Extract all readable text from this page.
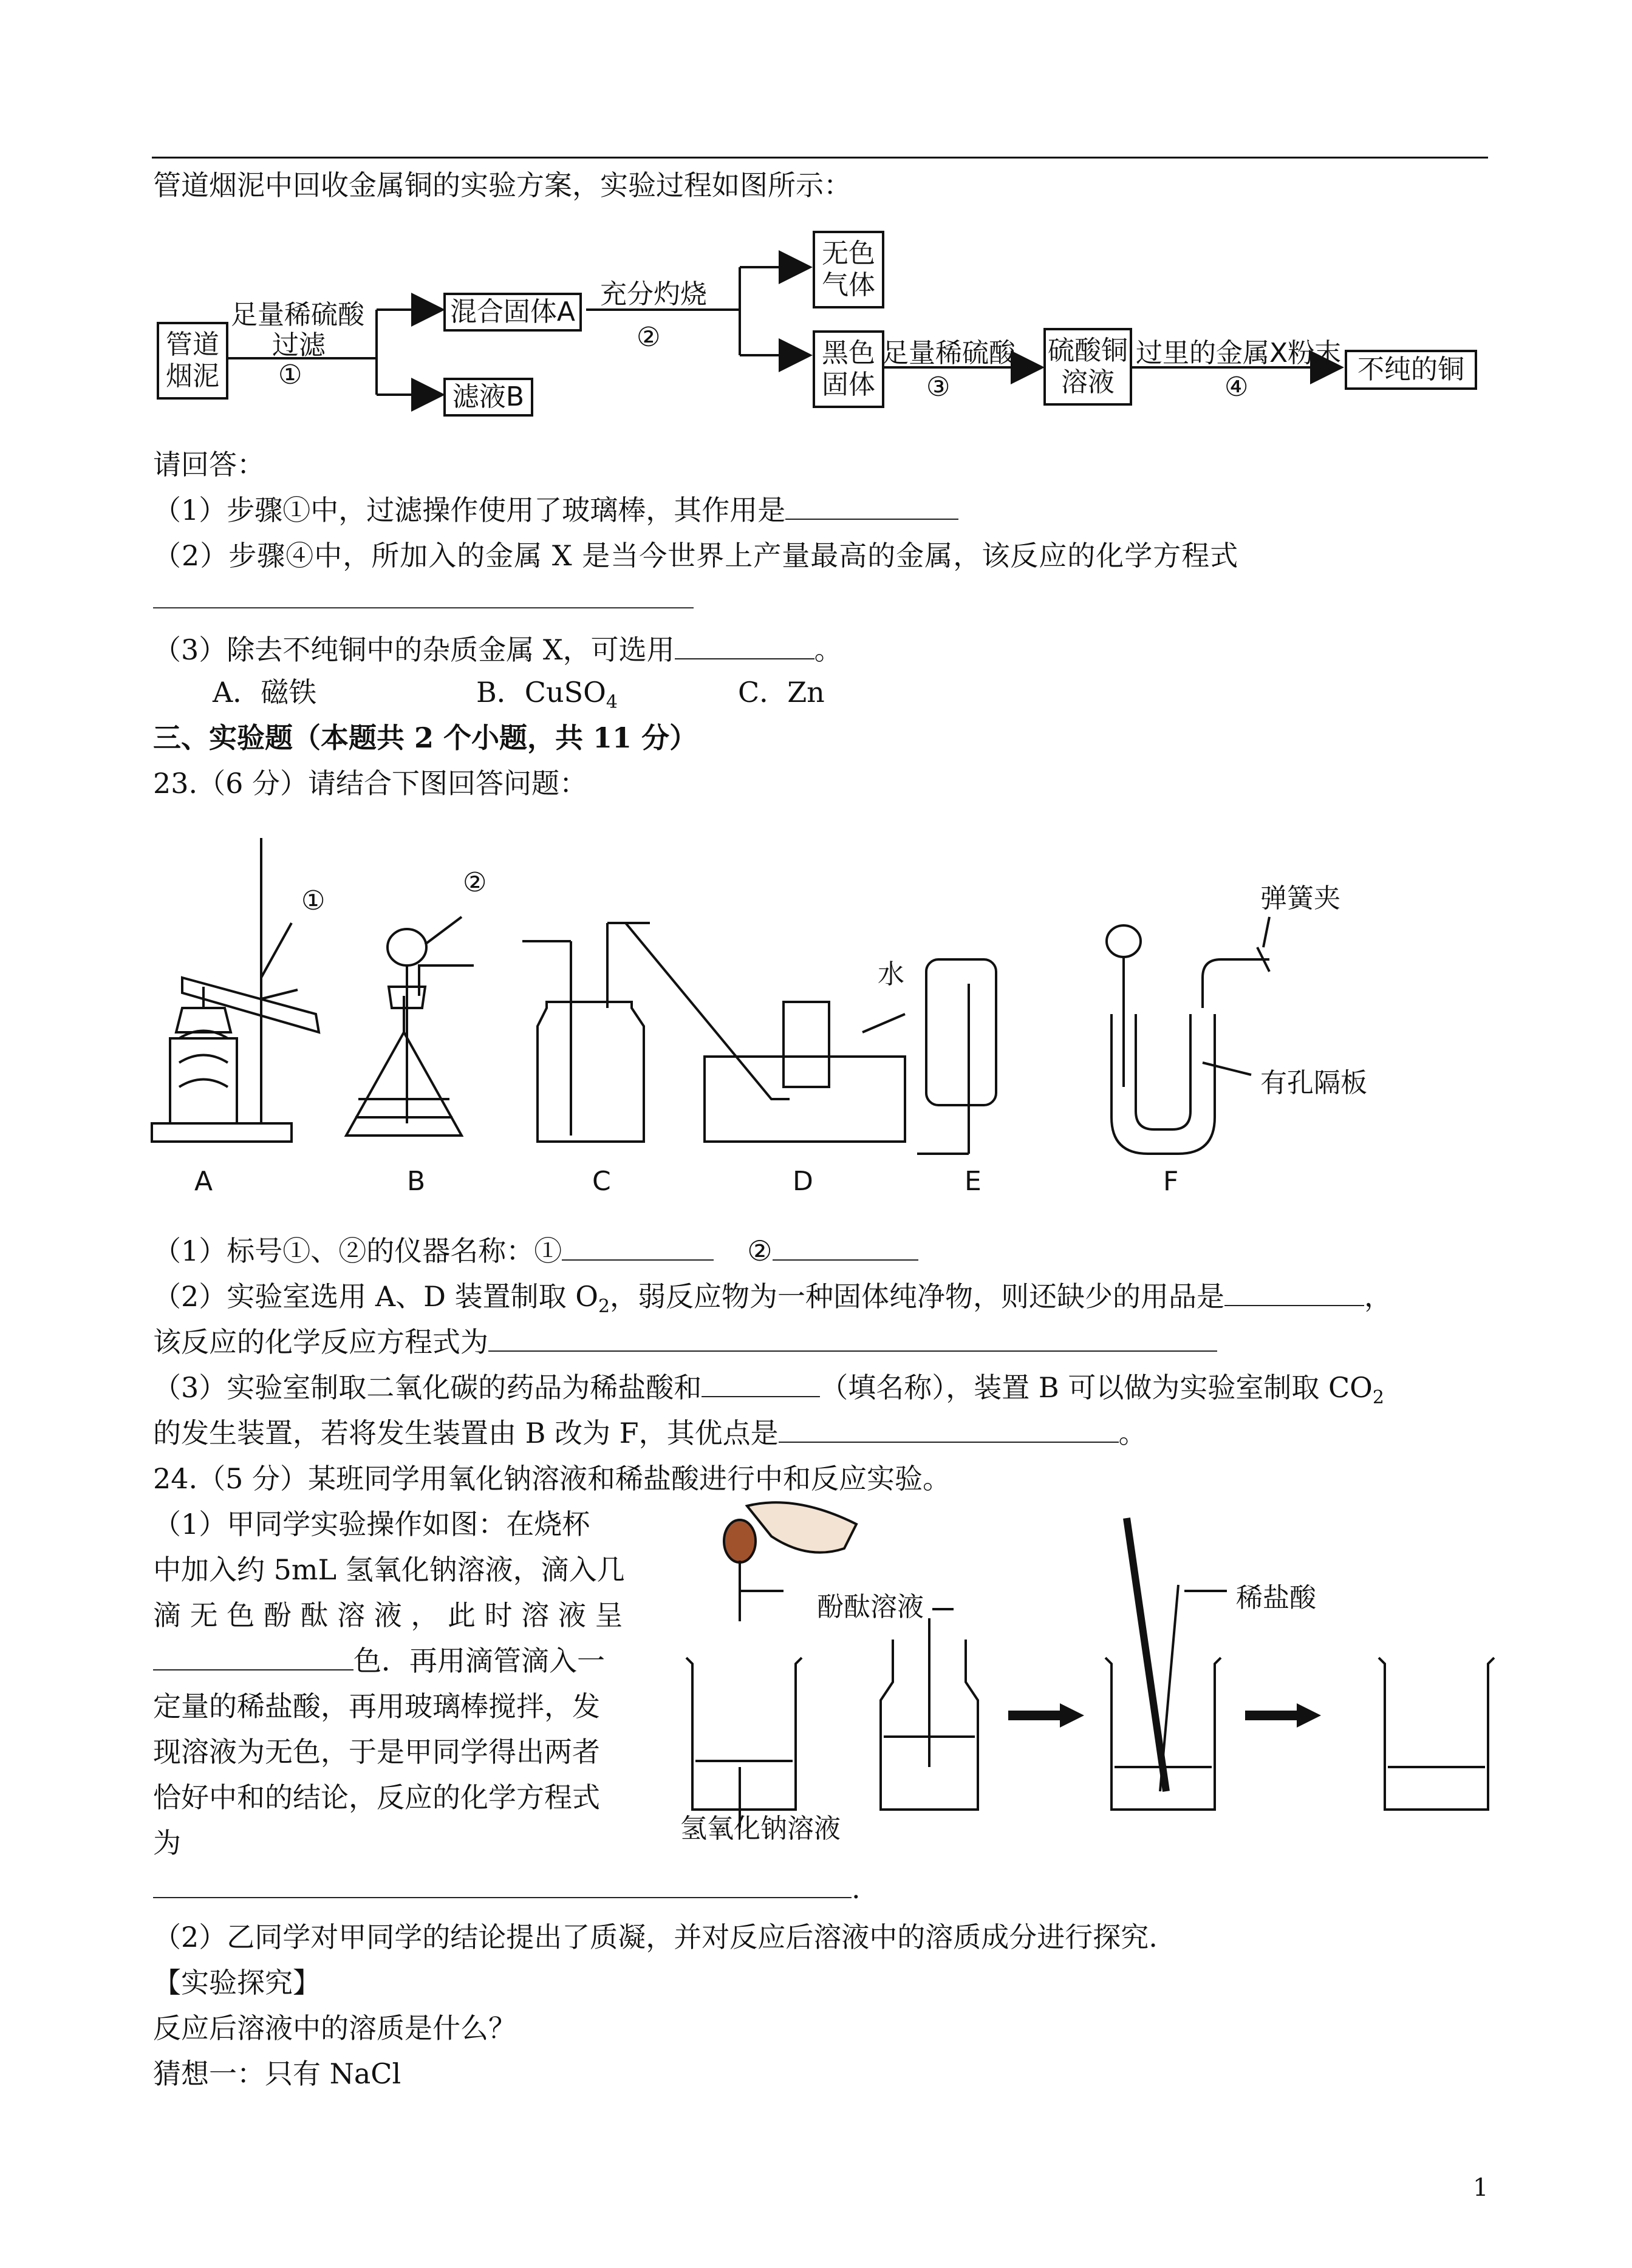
管道烟泥中回收金属铜的实验方案，实验过程如图所示：
管道
烟泥
混合固体A
滤液B
无色
气体
黑色
固体
硫酸铜
溶液	不纯的铜
足量稀硫酸
过滤
①
充分灼烧
②
足量稀硫酸
③
过里的金属X粉末
④
请回答：
（1）步骤①中，过滤操作使用了玻璃棒，其作用是
（2）步骤④中，所加入的金属 X 是当今世界上产量最高的金属，该反应的化学方程式
（3）除去不纯铜中的杂质金属 X，可选用	。
A．磁铁	B．CuSO$_4$	C．Zn
三、实验题（本题共 2 个小题，共 11 分）
23.（6 分）请结合下图回答问题：
①
②
水
弹簧夹
有孔隔板
A	B	C	D	E	F
（1）标号①、②的仪器名称：①	②
（2）实验室选用 A、D 装置制取 $O_2$，弱反应物为一种固体纯净物，则还缺少的用品是	，
该反应的化学反应方程式为
（3）实验室制取二氧化碳的药品为稀盐酸和	（填名称），装置 B 可以做为实验室制取 $CO_2$
的发生装置，若将发生装置由 B 改为 F，其优点是	。
24.（5 分）某班同学用氧化钠溶液和稀盐酸进行中和反应实验。
（1）甲同学实验操作如图：在烧杯
中加入约 5mL 氢氧化钠溶液，滴入几
滴 无 色 酚 酞 溶 液 ， 此 时 溶 液 呈
色．再用滴管滴入一
定量的稀盐酸，再用玻璃棒搅拌，发
现溶液为无色，于是甲同学得出两者
恰好中和的结论，反应的化学方程式
为
.
酚酞溶液	稀盐酸
氢氧化钠溶液
（2）乙同学对甲同学的结论提出了质凝，并对反应后溶液中的溶质成分进行探究.
【实验探究】
反应后溶液中的溶质是什么？
猜想一：只有 NaCl
1
